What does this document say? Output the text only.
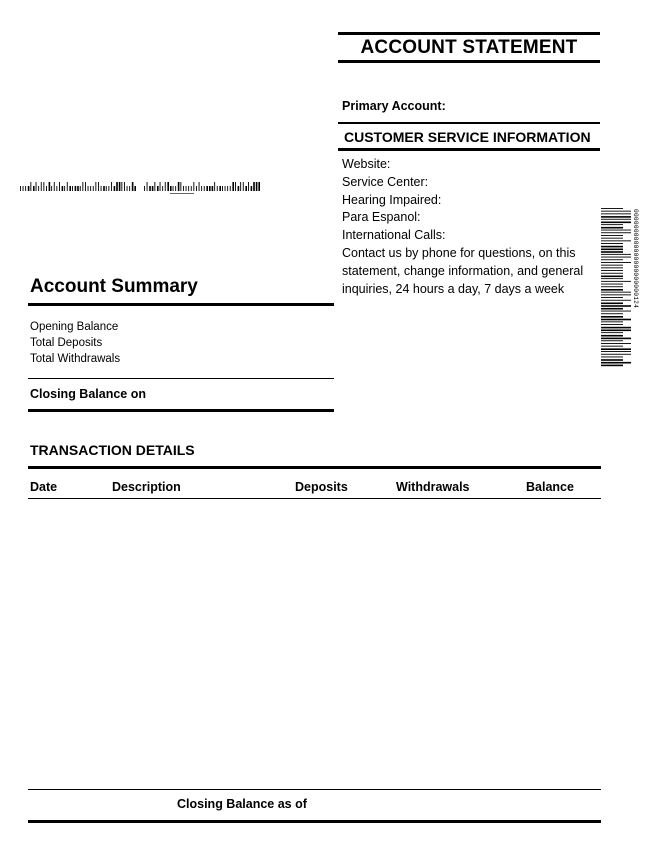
ACCOUNT STATEMENT
Primary Account:
CUSTOMER SERVICE INFORMATION
Website:
Service Center:
Hearing Impaired:
Para Espanol:
International Calls:
Contact us by phone for questions, on this
statement, change information, and general
inquiries, 24 hours a day, 7 days a week	0000000000000000000000124
Account Summary
Opening Balance
Total Deposits
Total Withdrawals
Closing Balance on
TRANSACTION DETAILS
Date	Description	Deposits	Withdrawals	Balance
Closing Balance as of
